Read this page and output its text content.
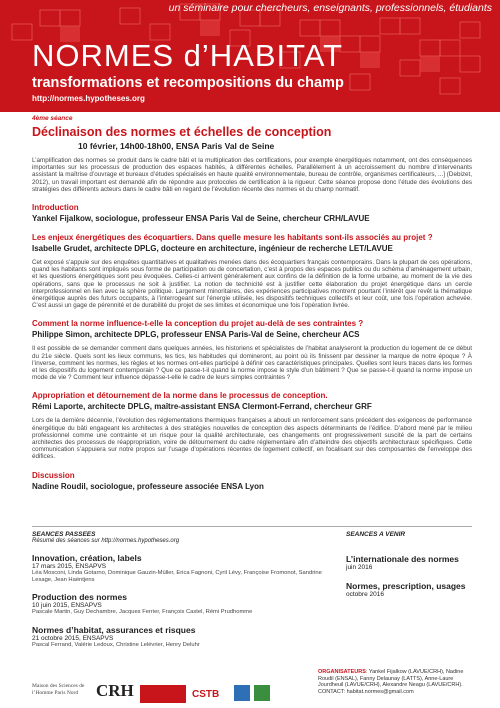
un séminaire pour chercheurs, enseignants, professionnels, étudiants
NORMES d’HABITAT
transformations et recompositions du champ
http://normes.hypotheses.org
4ème séance
Déclinaison des normes et échelles de conception
10 février, 14h00-18h00, ENSA Paris Val de Seine

L’amplification des normes se produit dans le cadre bâti et la multiplication des certifications, pour exemple énergétiques notamment, ont des conséquences importantes sur les processus de production des espaces habités, à différentes échelles. Parallèlement à un accroissement du nombre d’intervenants assistant la maîtrise d’ouvrage et bureaux d’études spécialisés en haute qualité environnementale, bureau de contrôle, organismes certificateurs, ...] (Debizet, 2012), un travail important est demandé afin de répondre aux protocoles de certification à la rigueur. Cette séance propose donc l’étude des évolutions des stratégies des différents acteurs dans le cadre bâti en regard de l’évolution récente des normes et du champ normatif.

Introduction
Yankel Fijalkow, sociologue, professeur ENSA Paris Val de Seine, chercheur CRH/LAVUE
Les enjeux énergétiques des écoquartiers. Dans quelle mesure les habitants sont-ils associés au projet ?
Isabelle Grudet, architecte DPLG, docteure en architecture, ingénieur de recherche LET/LAVUE

Cet exposé s’appuie sur des enquêtes quantitatives et qualitatives menées dans des écoquartiers français contemporains. Dans la plupart de ces opérations, quand les habitants sont impliqués sous forme de participation ou de concertation, c’est à propos des espaces publics ou du schéma d’aménagement urbain, et les questions énergétiques sont peu évoquées. Celles-ci arrivent généralement aux confins de la définition de la forme urbaine, au moment de la vie des opérations, sans que le processus ne soit à justifier. La notion de technicité est à justifier cette élaboration du projet énergétique dans un cercle interprofessionnel en lien avec la sphère politique. Largement minoritaires, des expériences participatives montrent pourtant l’intérêt que revêt la thématique énergétique auprès des futurs occupants, à l’interrogeant sur l’énergie utilisée, les dispositifs techniques collectifs et leur coût, une fois l’opération achevée. C’est aussi un gage de pérennité et de durabilité du projet de ses limites et économique une fois l’opération livrée.

Comment la norme influence-t-elle la conception du projet au-delà de ses contraintes ?
Philippe Simon, architecte DPLG, professeur ENSA Paris-Val de Seine, chercheur ACS

Il est possible de se demander comment dans quelques années, les historiens et spécialistes de l’habitat analyseront la production du logement de ce début du 21e siècle. Quels sont les lieux communs, les tics, les habitudes qui domineront, au point où ils finissent par dessiner la marque de notre époque ? À l’inverse, comment les normes, les règles et les normes ont-elles participé à définir ces caractéristiques principales. Quelles sont leurs traces dans les formes et les dispositifs du logement contemporain ? Que ce passe-t-il quand la norme impose le style d’un bâtiment ? Que se passe-t-il quand la norme impose un mode de vie ? Comment leur influence dépasse-t-elle le cadre de leurs simples contraintes ?

Appropriation et détournement de la norme dans le processus de conception.
Rémi Laporte, architecte DPLG, maître-assistant ENSA Clermont-Ferrand, chercheur GRF

Lors de la dernière décennie, l’évolution des réglementations thermiques françaises a abouti un renforcement sans précédent des exigences de performance énergétique du bâti engageant les architectes à des stratégies nouvelles de conception des aspects déterminants de l’édifice. D’abord mené par le milieu professionnel comme une contrainte et un risque pour la qualité architecturale, ces changements ont progressivement suscité de la part de certains architectes des processus de réappropriation, voire de détournement du cadre réglementaire afin d’atteindre des objectifs architecturaux spécifiques. Cette communication s’appuiera sur notre propos sur l’usage d’opérations récentes de logement collectif, en focalisant sur des composantes de l’enveloppe des édifices.

Discussion
Nadine Roudil, sociologue, professeure associée ENSA Lyon
SEANCES PASSEES
Résumé des séances sur http://normes.hypotheses.org
Innovation, création, labels
17 mars 2015, ENSAPVS
Léa Mosconi, Linda Gotarno, Dominique Gauzin-Müller, Erica Fagnoni, Cyril Lévy, Françoise Fromonot, Sandrine Lesage, Jean Haëntjens
Production des normes
10 juin 2015, ENSAPVS
Pascale Martin, Guy Dechambre, Jacques Ferrier, François Castel, Rémi Prudhomme
Normes d’habitat, assurances et risques
21 octobre 2015, ENSAPVS
Pascal Ferrand, Valérie Ledoux, Christine Lelévrier, Henry Deluhr
SEANCES A VENIR
L’internationale des normes
juin 2016
Normes, prescription, usages
octobre 2016
Maison des Sciences de l’Homme Paris Nord	CRH	CSTB
ORGANISATEURS: Yankel Fijalkow (LAVUE/CRH), Nadine Roudil (ENSAL), Fanny Delaunay (LATTS), Anne-Laure Jourdheuil (LAVUE/CRH), Alexandre Neagu (LAVUE/CRH). CONTACT: habitat.normes@gmail.com
